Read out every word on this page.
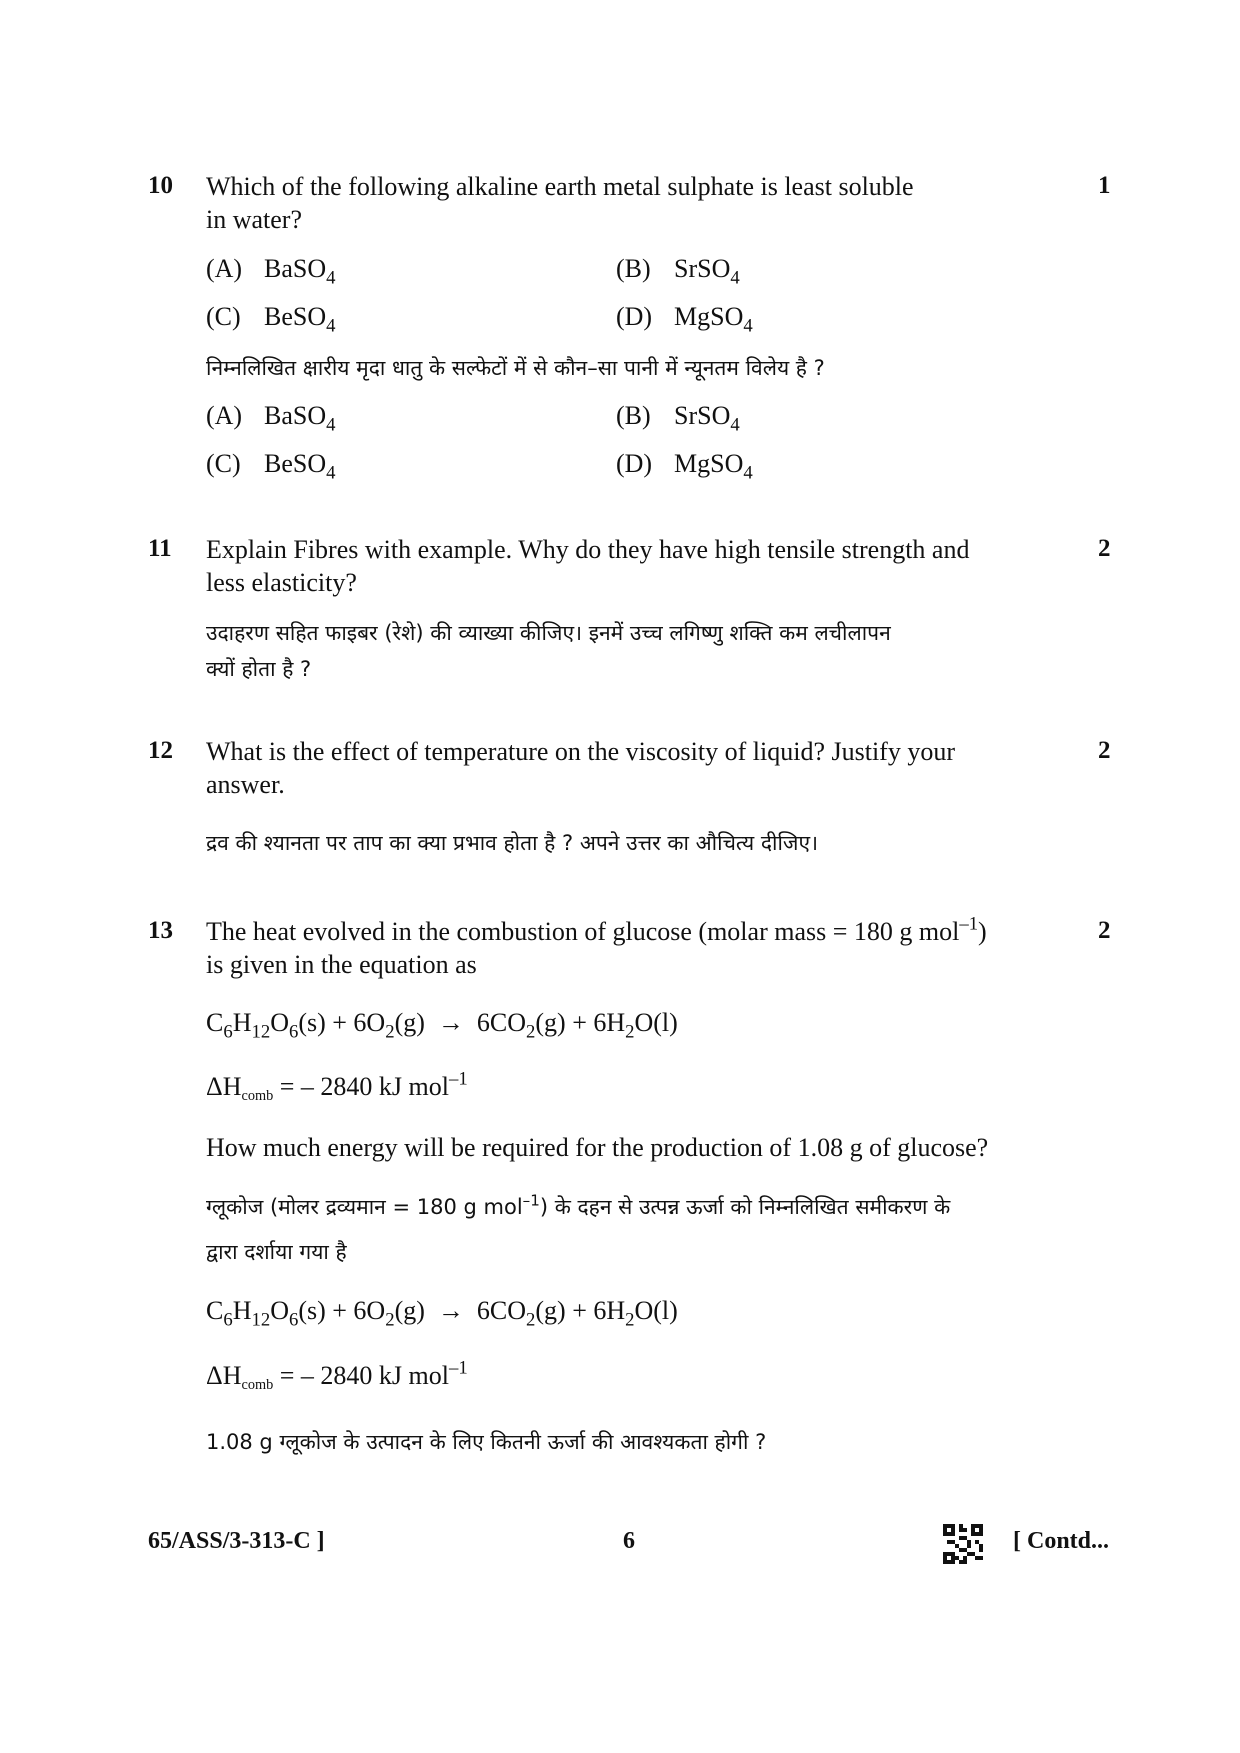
10	1
Which of the following alkaline earth metal sulphate is least soluble
in water?
(A) BaSO$_4$	(B) SrSO$_4$
(C) BeSO$_4$	(D) MgSO$_4$
निम्नलिखित क्षारीय मृदा धातु के सल्फेटों में से कौन–सा पानी में न्यूनतम विलेय है ?
(A) BaSO$_4$	(B) SrSO$_4$
(C) BeSO$_4$	(D) MgSO$_4$
11	2
Explain Fibres with example. Why do they have high tensile strength and
less elasticity?
उदाहरण सहित फाइबर (रेशे) की व्याख्या कीजिए। इनमें उच्च लगिष्णु शक्ति कम लचीलापन
क्यों होता है ?
12	2
What is the effect of temperature on the viscosity of liquid? Justify your
answer.
द्रव की श्यानता पर ताप का क्या प्रभाव होता है ? अपने उत्तर का औचित्य दीजिए।
13	2
The heat evolved in the combustion of glucose (molar mass = 180 g mol$^{-1}$)
is given in the equation as
$C_6H_{12}O_6(s) + 6O_2(g) \to 6CO_2(g) + 6H_2O(l)$
$\Delta H_{comb}$ = – 2840 kJ mol$^{-1}$
How much energy will be required for the production of 1.08 g of glucose?
ग्लूकोज (मोलर द्रव्यमान = 180 g mol$^{-1}$) के दहन से उत्पन्न ऊर्जा को निम्नलिखित समीकरण के
द्वारा दर्शाया गया है
$C_6H_{12}O_6(s) + 6O_2(g) \to 6CO_2(g) + 6H_2O(l)$
$\Delta H_{comb}$ = – 2840 kJ mol$^{-1}$
1.08 g ग्लूकोज के उत्पादन के लिए कितनी ऊर्जा की आवश्यकता होगी ?
65/ASS/3-313-C ]	6	[ Contd...
